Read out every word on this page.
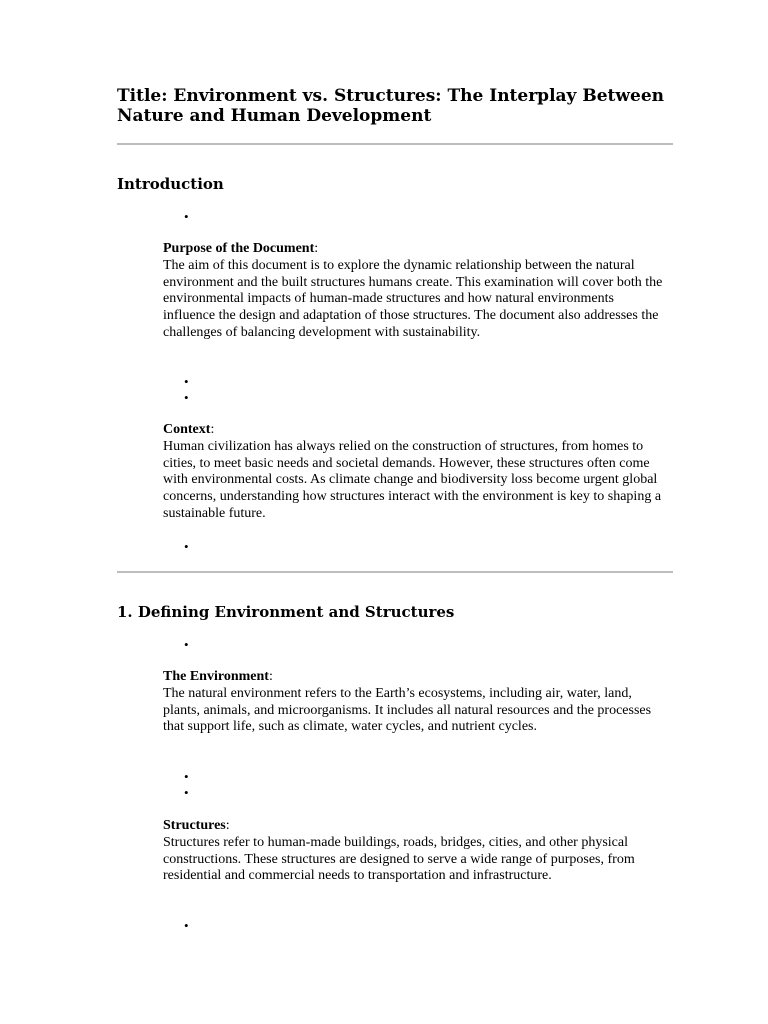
Title: Environment vs. Structures: The Interplay Between Nature and Human Development
Introduction
•

Purpose of the Document:
The aim of this document is to explore the dynamic relationship between the natural environment and the built structures humans create. This examination will cover both the environmental impacts of human-made structures and how natural environments influence the design and adaptation of those structures. The document also addresses the challenges of balancing development with sustainability.

•
•

Context:
Human civilization has always relied on the construction of structures, from homes to cities, to meet basic needs and societal demands. However, these structures often come with environmental costs. As climate change and biodiversity loss become urgent global concerns, understanding how structures interact with the environment is key to shaping a sustainable future.

•
1. Defining Environment and Structures
•

The Environment:
The natural environment refers to the Earth’s ecosystems, including air, water, land, plants, animals, and microorganisms. It includes all natural resources and the processes that support life, such as climate, water cycles, and nutrient cycles.

•
•

Structures:
Structures refer to human-made buildings, roads, bridges, cities, and other physical constructions. These structures are designed to serve a wide range of purposes, from residential and commercial needs to transportation and infrastructure.

•
